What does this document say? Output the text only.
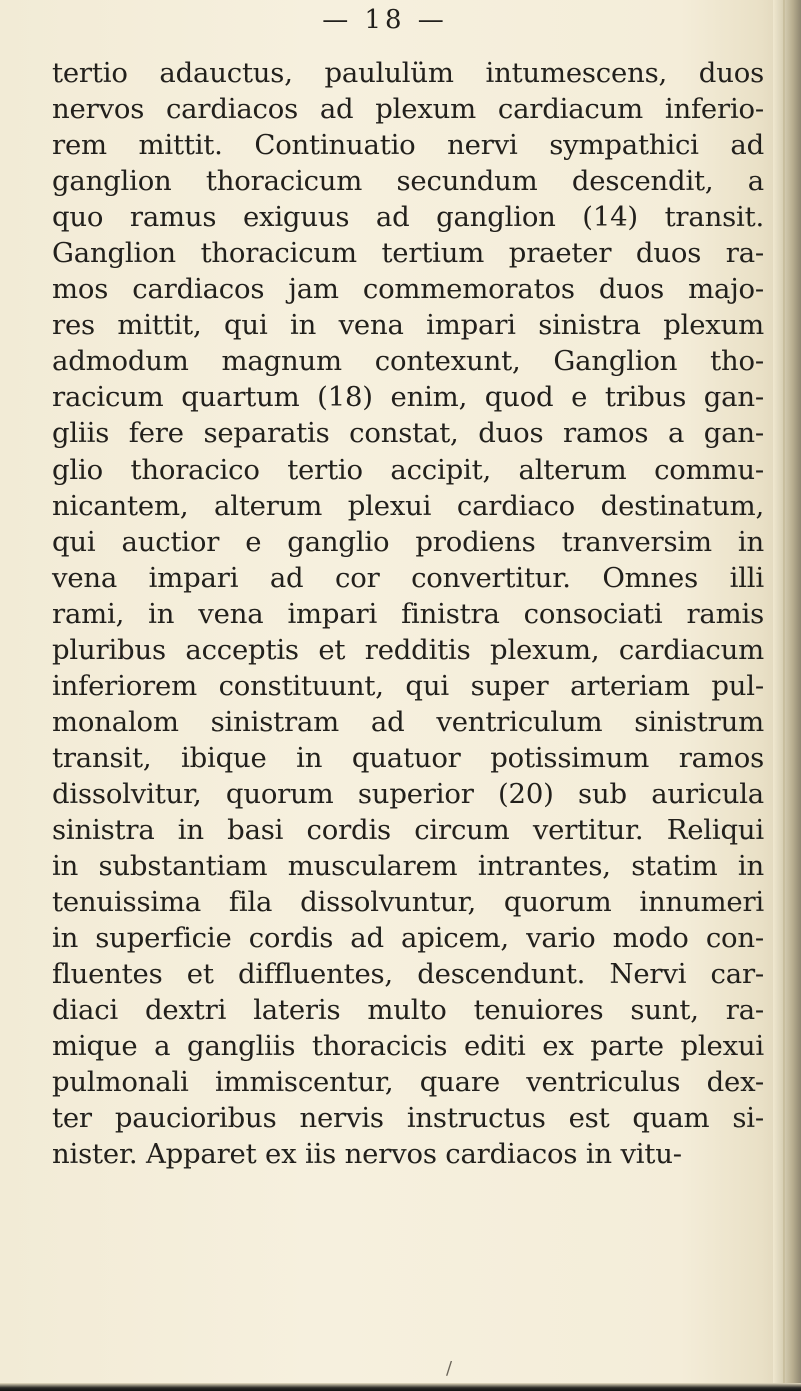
— 18 —
tertio adauctus, paululüm intumescens, duos
nervos cardiacos ad plexum cardiacum inferio-
rem mittit. Continuatio nervi sympathici ad
ganglion thoracicum secundum descendit, a
quo ramus exiguus ad ganglion (14) transit.
Ganglion thoracicum tertium praeter duos ra-
mos cardiacos jam commemoratos duos majo-
res mittit, qui in vena impari sinistra plexum
admodum magnum contexunt, Ganglion tho-
racicum quartum (18) enim, quod e tribus gan-
gliis fere separatis constat, duos ramos a gan-
glio thoracico tertio accipit, alterum commu-
nicantem, alterum plexui cardiaco destinatum,
qui auctior e ganglio prodiens tranversim in
vena impari ad cor convertitur. Omnes illi
rami, in vena impari finistra consociati ramis
pluribus acceptis et redditis plexum, cardiacum
inferiorem constituunt, qui super arteriam pul-
monalom sinistram ad ventriculum sinistrum
transit, ibique in quatuor potissimum ramos
dissolvitur, quorum superior (20) sub auricula
sinistra in basi cordis circum vertitur. Reliqui
in substantiam muscularem intrantes, statim in
tenuissima fila dissolvuntur, quorum innumeri
in superficie cordis ad apicem, vario modo con-
fluentes et diffluentes, descendunt. Nervi car-
diaci dextri lateris multo tenuiores sunt, ra-
mique a gangliis thoracicis editi ex parte plexui
pulmonali immiscentur, quare ventriculus dex-
ter paucioribus nervis instructus est quam si-
nister. Apparet ex iis nervos cardiacos in vitu-
/
